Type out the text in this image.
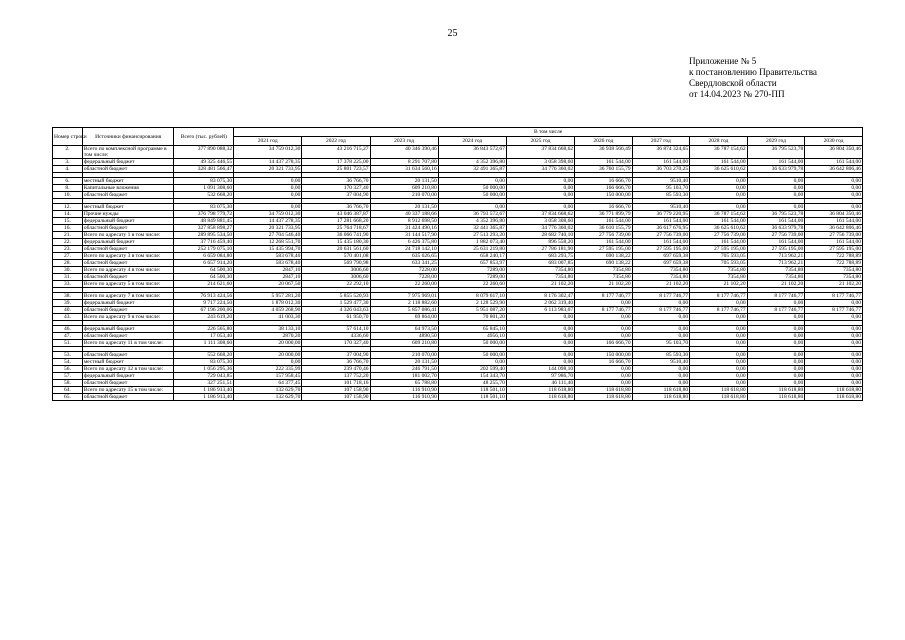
25
Приложение № 5
к постановлению Правительства
Свердловской области
от 14.04.2023 № 270-ПП
Номер строки	Источники финансирования	Всего (тыс. рублей)	В том числе									
			2021 год	2022 год	2023 год	2024 год	2025 год	2026 год	2027 год	2028 год	2029 год	2030 год
2.	Всего по комплексной программе в том числе:	377 890 088,32	34 759 012,30	43 216 715,27	40 346 390,46	36 843 572,67	37 834 668,62	36 938 566,49	36 874 324,65	36 787 154,62	36 795 523,78	36 804 350,46
3.	федеральный бюджет	49 325 446,55	14 437 278,35	17 378 225,00	8 291 707,80	4 352 396,80	3 058 398,60	161 544,00	161 544,00	161 544,00	161 544,00	161 544,00
4.	областной бюджет	328 481 566,47	20 321 733,95	25 801 723,57	31 634 560,16	32 491 365,87	34 776 360,02	36 760 155,79	36 703 270,25	36 625 610,62	36 633 979,78	36 642 806,46

6.	местный бюджет	83 075,30	0,00	36 766,70	20 131,50	0,00	0,00	16 666,70	9510,40	0,00	0,00	0,00
8.	Капитальные вложения	1 091 308,60	0,00	170 327,40	609 210,80	50 000,00	0,00	166 666,70	95 103,70	0,00	0,00	0,00
10.	областной бюджет	532 668,20	0,00	37 004,90	210 070,00	50 000,00	0,00	150 000,00	85 593,30	0,00	0,00	0,00

12.	местный бюджет	83 075,30	0,00	36 766,70	20 131,50	0,00	0,00	16 666,70	9510,40	0,00	0,00	0,00
14.	Прочие нужды	376 798 779,72	34 759 012,30	43 046 387,87	40 337 188,66	36 793 572,67	37 834 668,62	36 771 899,79	36 779 220,95	36 787 154,62	36 795 523,78	36 804 350,46
15.	федеральный бюджет	48 849 881,45	14 437 278,35	17 281 668,20	8 912 698,50	4 352 396,80	3 058 308,60	161 544,00	161 544,00	161 544,00	161 544,00	161 544,00
16.	областной бюджет	327 858 898,27	20 321 733,95	25 764 718,67	31 424 490,16	32 441 365,87	34 776 360,02	36 610 155,79	36 617 676,95	36 625 610,62	36 633 979,78	36 642 806,46
21.	Всего по адресату 1 в том числе:	289 895 534,50	27 704 546,40	36 066 741,90	31 144 517,90	27 513 293,20	28 682 740,10	27 756 739,00	27 756 739,00	27 756 739,00	27 756 739,00	27 756 739,00
22.	федеральный бюджет	37 716 459,40	12 268 551,70	15 435 180,30	6 426 375,80	1 882 073,40	896 558,20	161 544,00	161 544,00	161 544,00	161 544,00	161 544,00
23.	областной бюджет	252 179 075,10	15 435 994,70	20 631 561,60	24 718 142,10	25 631 219,80	27 786 181,90	27 595 195,00	27 595 195,00	27 595 195,00	27 595 195,00	27 595 195,00
27.	Всего по адресату 3 в том числе:	6 659 084,80	583 678,40	570 401,08	635 626,65	658 240,17	683 293,75	690 138,22	697 659,38	705 593,05	713 962,21	722 788,89
28.	областной бюджет	6 657 914,20	583 678,40	569 790,98	633 341,25	657 853,97	683 007,85	690 138,22	697 659,38	705 593,05	713 962,21	722 788,89
30.	Всего по адресату 4 в том числе:	64 500,30	2847,10	3006,60	7228,00	7289,00	7354,80	7354,80	7354,80	7354,80	7354,80	7354,80
31.	областной бюджет	64 500,30	2847,10	3006,60	7228,00	7289,00	7354,80	7354,80	7354,80	7354,80	7354,80	7354,80
33.	Всего по адресату 5 в том числе:	214 621,60	20 067,50	22 292,10	22 260,00	22 260,60	21 102,20	21 102,20	21 102,20	21 102,20	21 102,20	21 102,20

38.	Всего по адресату 7 в том числе:	76 913 424,56	5 957 281,20	5 855 520,93	7 975 969,01	8 079 617,10	8 176 302,47	8 177 746,77	8 177 746,77	8 177 746,77	8 177 746,77	8 177 746,77
39.	федеральный бюджет	9 717 224,50	1 878 012,30	1 529 477,30	2 118 882,60	2 128 529,90	2 062 319,40	0,00	0,00	0,00	0,00	0,00
40.	областной бюджет	67 196 200,06	4 059 268,90	4 326 043,63	5 857 086,41	5 951 087,20	6 113 983,07	8 177 746,77	8 177 746,77	8 177 746,77	8 177 746,77	8 177 746,77
43.	Всего по адресату 9 в том числе:	243 619,20	41 003,30	61 950,70	69 864,00	70 801,20	0,00	0,00	0,00	0,00	0,00	0,00

46.	федеральный бюджет	226 565,80	38 133,10	57 614,10	64 973,50	65 845,10	0,00	0,00	0,00	0,00	0,00	0,00
47.	областной бюджет	17 053,40	2870,20	4336,60	4890,50	4956,10	0,00	0,00	0,00	0,00	0,00	0,00
51.	Всего по адресату 11 в том числе:	1 111 308,60	20 000,00	170 327,40	609 210,80	50 000,00	0,00	166 666,70	95 103,70	0,00	0,00	0,00

53.	областной бюджет	552 668,20	20 000,00	37 004,90	210 070,00	50 000,00	0,00	150 000,00	85 593,30	0,00	0,00	0,00
54.	местный бюджет	83 075,30	0,00	36 766,70	20 131,50	0,00	0,00	16 666,70	9510,40	0,00	0,00	0,00
56.	Всего по адресату 12 в том числе:	1 056 295,36	222 335,99	239 470,46	246 791,50	202 599,40	144 098,10	0,00	0,00	0,00	0,00	0,00
57.	федеральный бюджет	729 043,85	157 958,45	137 752,20	181 002,70	154 343,70	97 986,70	0,00	0,00	0,00	0,00	0,00
58.	областной бюджет	327 251,51	64 377,45	101 718,16	65 788,80	48 255,70	46 111,40	0,00	0,00	0,00	0,00	0,00
64.	Всего по адресату 15 в том числе:	1 186 913,40	132 629,70	107 158,90	116 910,90	118 501,10	118 618,80	118 618,80	118 618,80	118 618,80	118 618,80	118 618,80
65.	областной бюджет	1 186 913,40	132 629,70	107 158,90	116 910,90	118 501,10	118 618,80	118 618,80	118 618,80	118 618,80	118 618,80	118 618,80
